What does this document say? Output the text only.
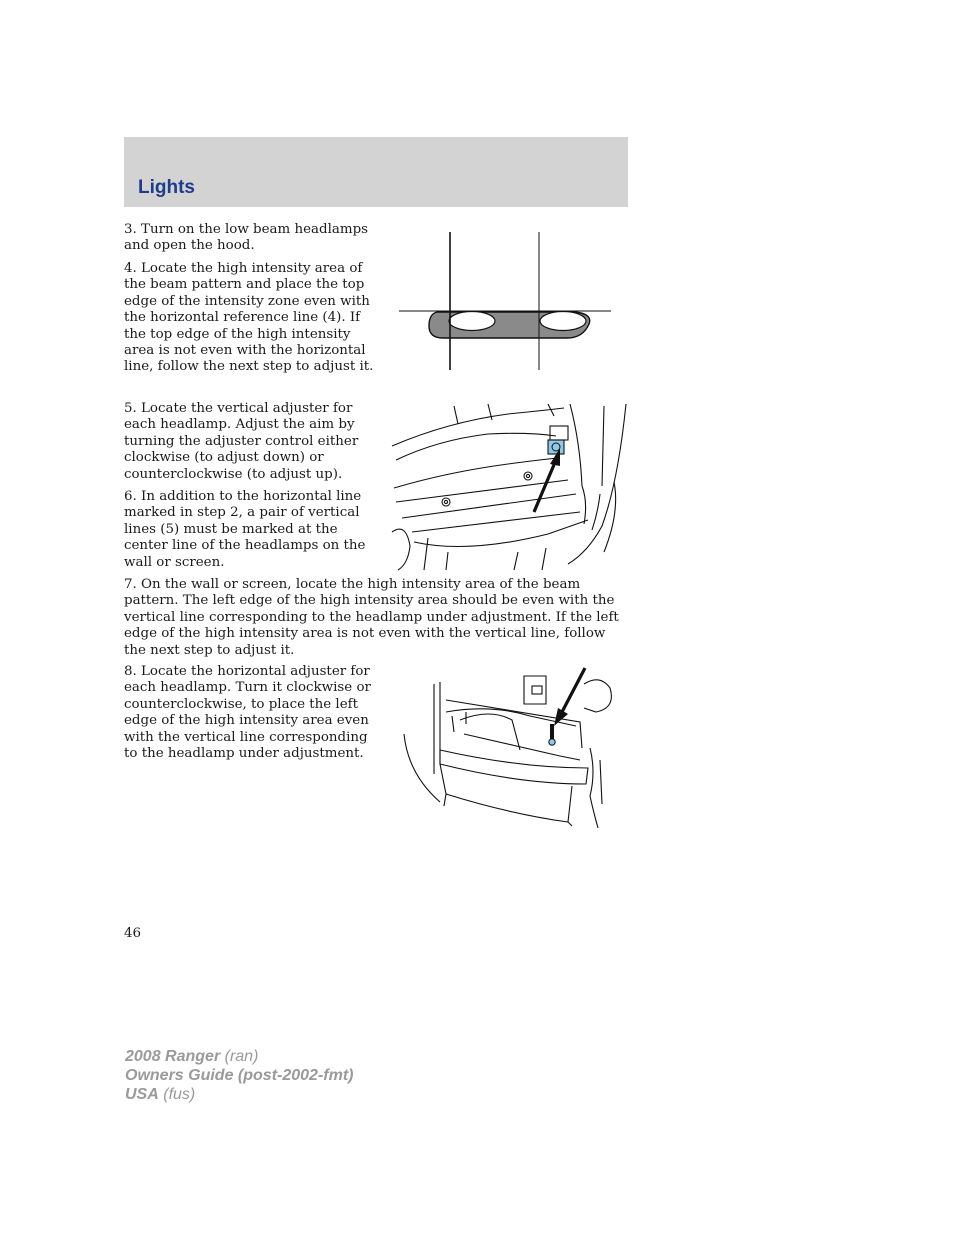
Lights

3. Turn on the low beam headlamps and open the hood.

4. Locate the high intensity area of the beam pattern and place the top edge of the intensity zone even with the horizontal reference line (4). If the top edge of the high intensity area is not even with the horizontal line, follow the next step to adjust it.

5. Locate the vertical adjuster for each headlamp. Adjust the aim by turning the adjuster control either clockwise (to adjust down) or counterclockwise (to adjust up).

6. In addition to the horizontal line marked in step 2, a pair of vertical lines (5) must be marked at the center line of the headlamps on the wall or screen.

7. On the wall or screen, locate the high intensity area of the beam pattern. The left edge of the high intensity area should be even with the vertical line corresponding to the headlamp under adjustment. If the left edge of the high intensity area is not even with the vertical line, follow the next step to adjust it.

8. Locate the horizontal adjuster for each headlamp. Turn it clockwise or counterclockwise, to place the left edge of the high intensity area even with the vertical line corresponding to the headlamp under adjustment.

46
2008 Ranger (ran)
Owners Guide (post-2002-fmt)
USA (fus)
